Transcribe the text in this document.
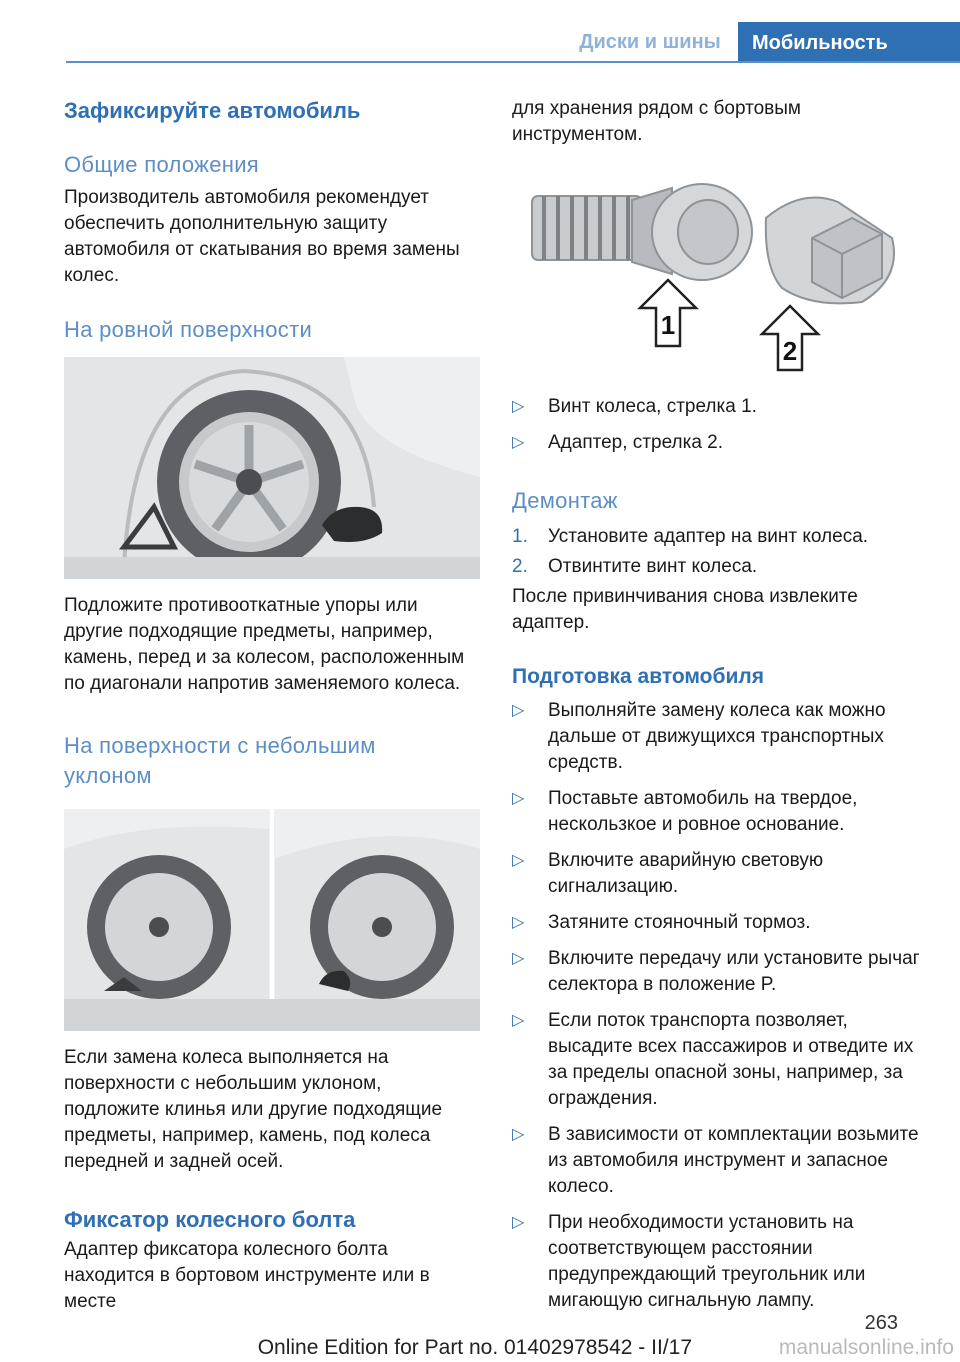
Диски и шины	Мобильность
Зафиксируйте автомобиль
Общие положения

Производитель автомобиля рекомендует обеспечить дополнительную защиту автомобиля от скатывания во время замены колес.

На ровной поверхности

Подложите противооткатные упоры или другие подходящие предметы, например, камень, перед и за колесом, расположенным по диагонали напротив заменяемого колеса.

На поверхности с небольшим уклоном

Если замена колеса выполняется на поверхности с небольшим уклоном, подложите клинья или другие подходящие предметы, например, камень, под колеса передней и задней осей.

Фиксатор колесного болта

Адаптер фиксатора колесного болта находится в бортовом инструменте или в месте

для хранения рядом с бортовым инструментом.

1
2
▷ Винт колеса, стрелка 1.
▷ Адаптер, стрелка 2.
Демонтаж
1. Установите адаптер на винт колеса.
2. Отвинтите винт колеса.

После привинчивания снова извлеките адаптер.

Подготовка автомобиля
▷ Выполняйте замену колеса как можно дальше от движущихся транспортных средств.
▷ Поставьте автомобиль на твердое, нескользкое и ровное основание.
▷ Включите аварийную световую сигнализацию.
▷ Затяните стояночный тормоз.
▷ Включите передачу или установите рычаг селектора в положение P.
▷ Если поток транспорта позволяет, высадите всех пассажиров и отведите их за пределы опасной зоны, например, за ограждения.
▷ В зависимости от комплектации возьмите из автомобиля инструмент и запасное колесо.
▷ При необходимости установить на соответствующем расстоянии предупреждающий треугольник или мигающую сигнальную лампу.
263
Online Edition for Part no. 01402978542 - II/17	manualsonline.info
